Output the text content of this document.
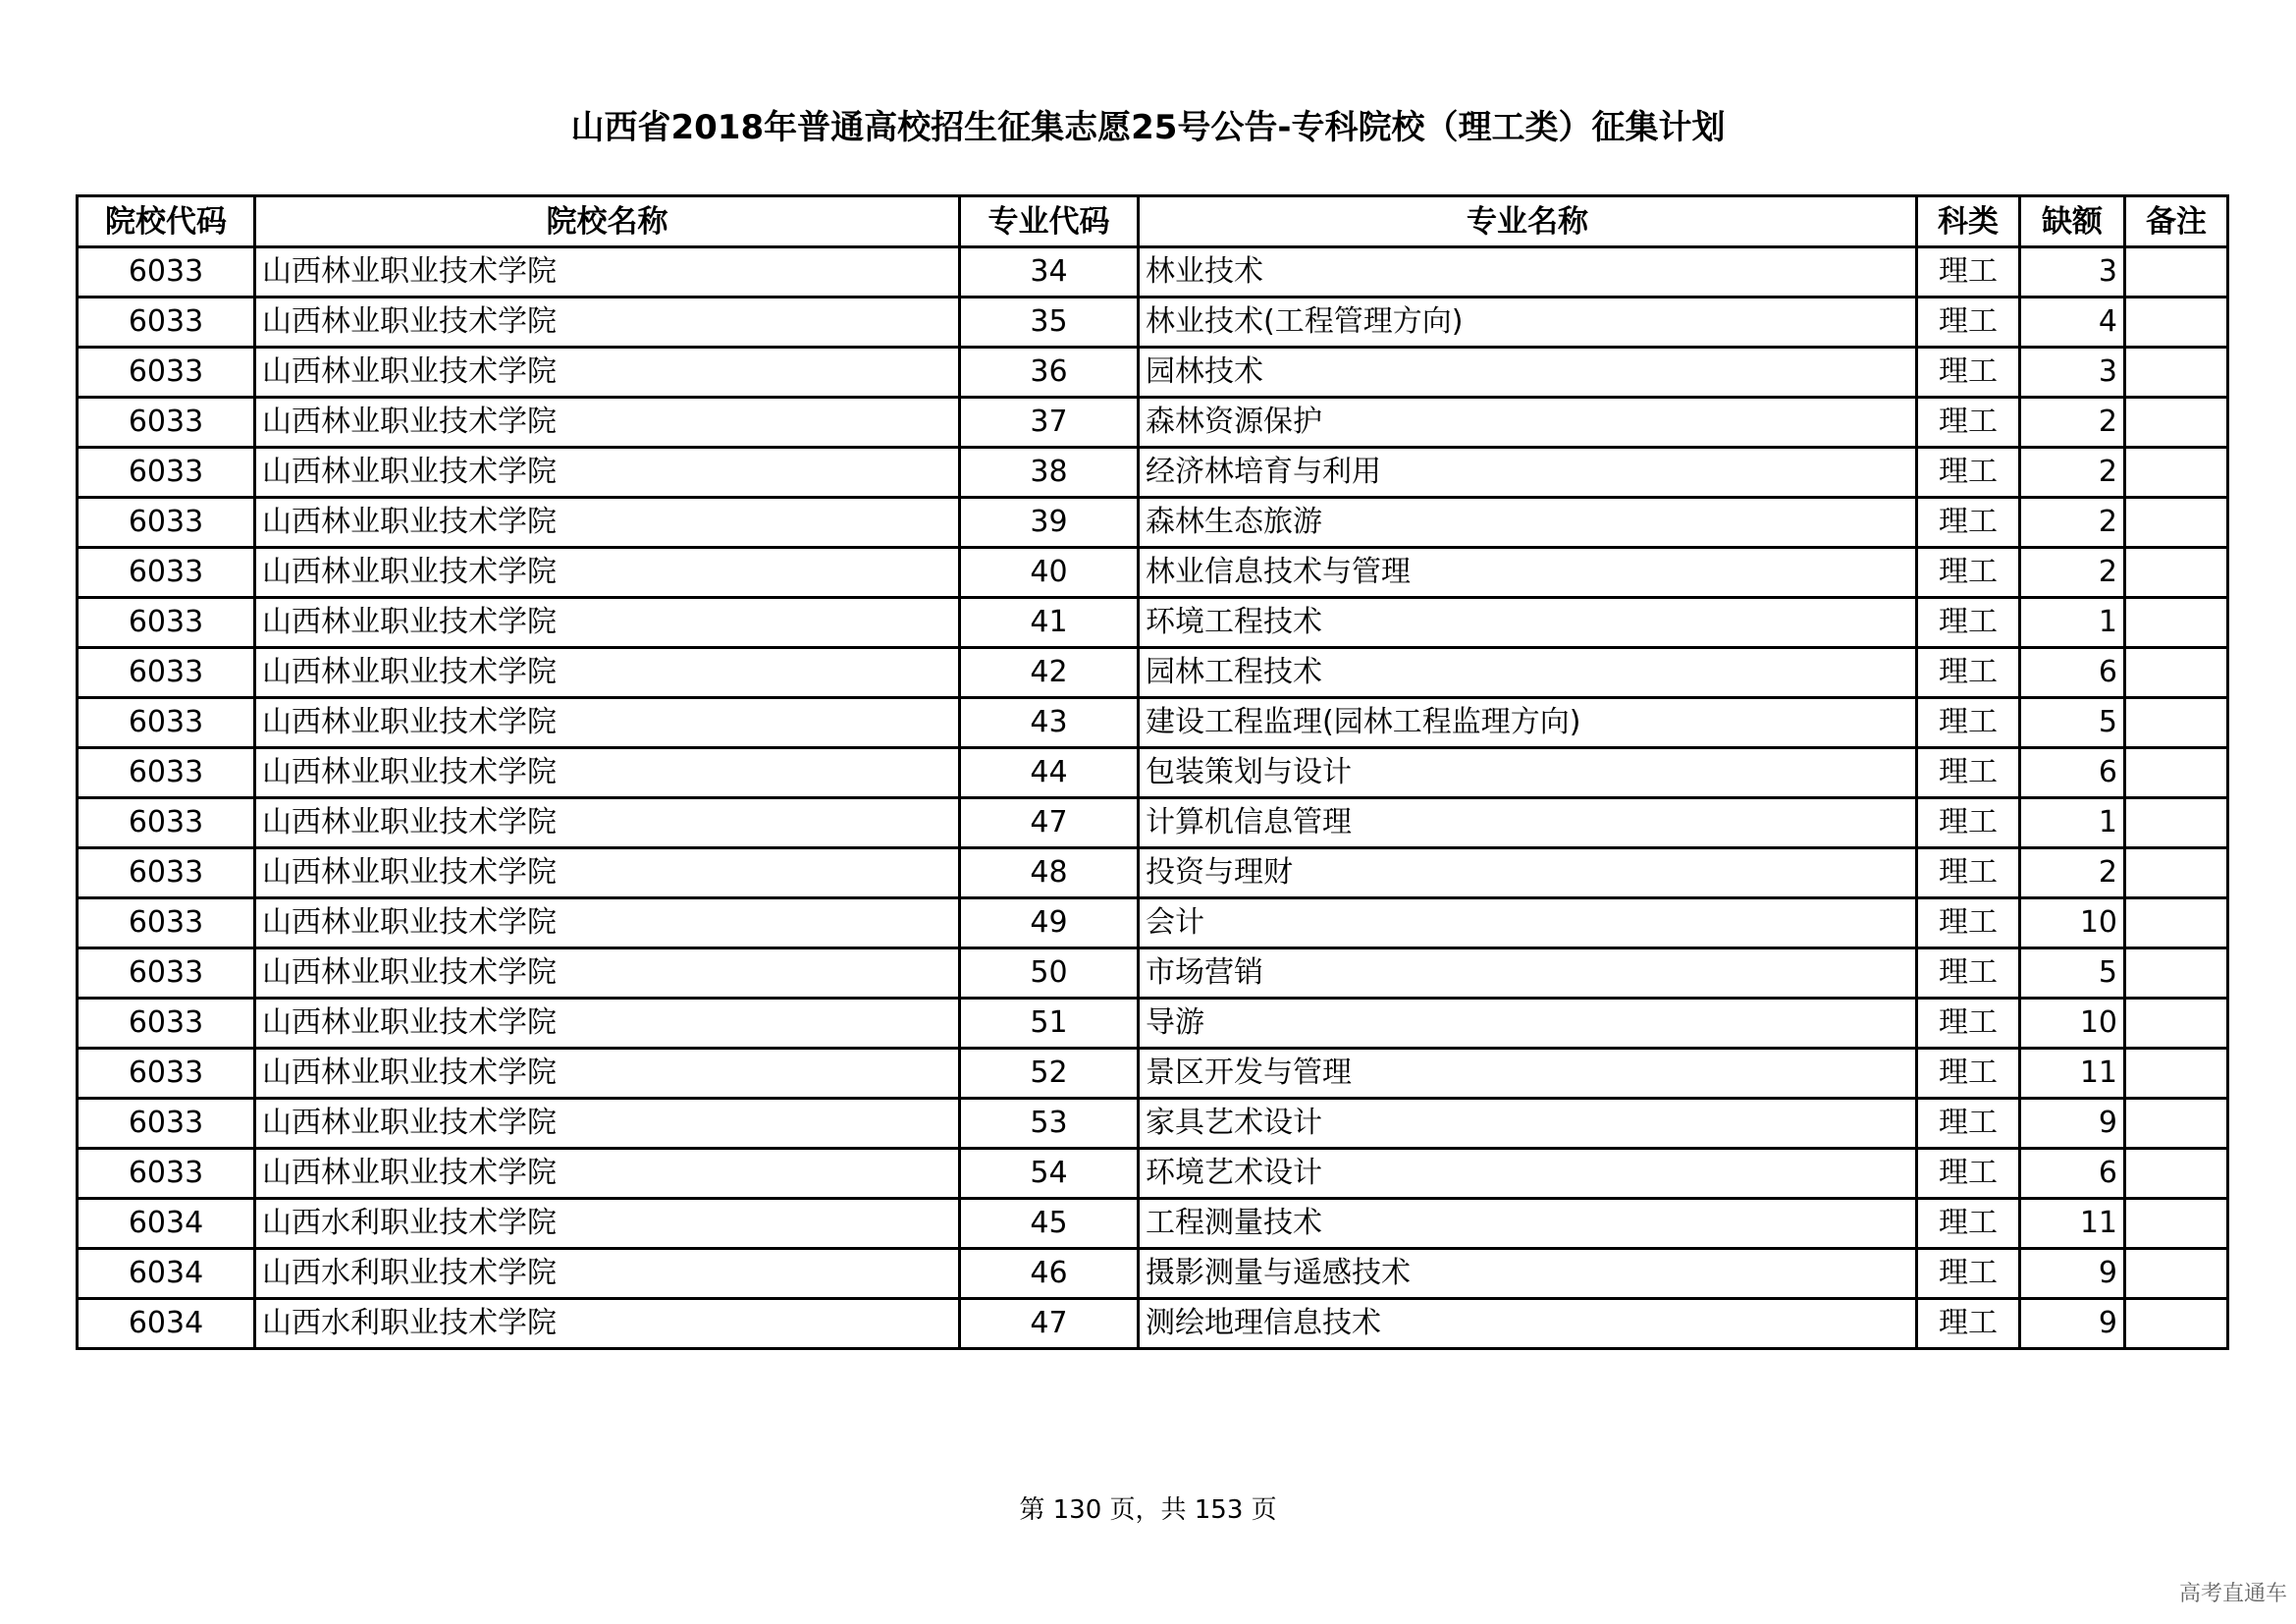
山西省2018年普通高校招生征集志愿25号公告-专科院校（理工类）征集计划
院校代码	院校名称	专业代码	专业名称	科类	缺额	备注
6033	山西林业职业技术学院	34	林业技术	理工	3	
6033	山西林业职业技术学院	35	林业技术(工程管理方向)	理工	4	
6033	山西林业职业技术学院	36	园林技术	理工	3	
6033	山西林业职业技术学院	37	森林资源保护	理工	2	
6033	山西林业职业技术学院	38	经济林培育与利用	理工	2	
6033	山西林业职业技术学院	39	森林生态旅游	理工	2	
6033	山西林业职业技术学院	40	林业信息技术与管理	理工	2	
6033	山西林业职业技术学院	41	环境工程技术	理工	1	
6033	山西林业职业技术学院	42	园林工程技术	理工	6	
6033	山西林业职业技术学院	43	建设工程监理(园林工程监理方向)	理工	5	
6033	山西林业职业技术学院	44	包装策划与设计	理工	6	
6033	山西林业职业技术学院	47	计算机信息管理	理工	1	
6033	山西林业职业技术学院	48	投资与理财	理工	2	
6033	山西林业职业技术学院	49	会计	理工	10	
6033	山西林业职业技术学院	50	市场营销	理工	5	
6033	山西林业职业技术学院	51	导游	理工	10	
6033	山西林业职业技术学院	52	景区开发与管理	理工	11	
6033	山西林业职业技术学院	53	家具艺术设计	理工	9	
6033	山西林业职业技术学院	54	环境艺术设计	理工	6	
6034	山西水利职业技术学院	45	工程测量技术	理工	11	
6034	山西水利职业技术学院	46	摄影测量与遥感技术	理工	9	
6034	山西水利职业技术学院	47	测绘地理信息技术	理工	9	
第 130 页，共 153 页
高考直通车
